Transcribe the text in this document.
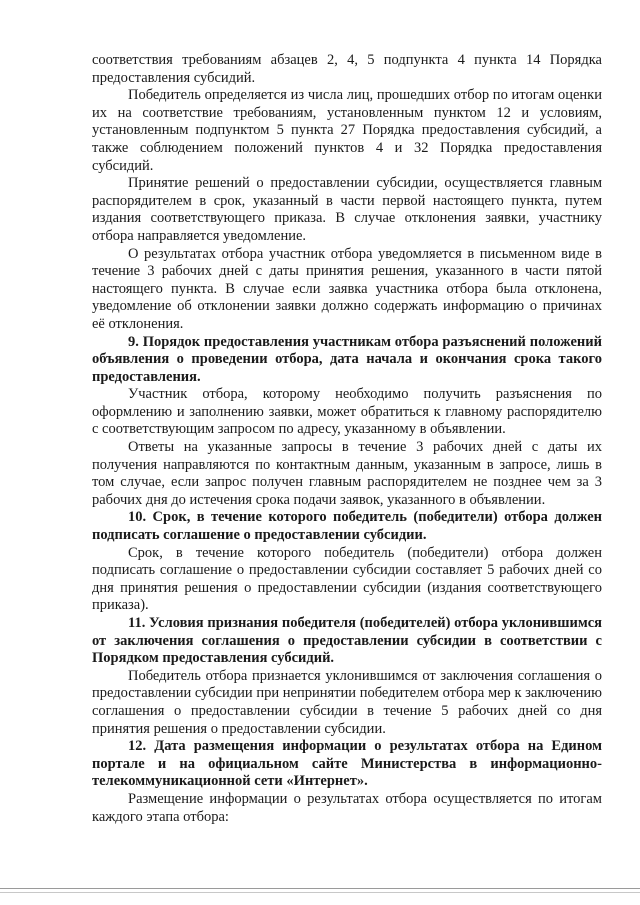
соответствия требованиям абзацев 2, 4, 5 подпункта 4 пункта 14 Порядка предоставления субсидий.

Победитель определяется из числа лиц, прошедших отбор по итогам оценки их на соответствие требованиям, установленным пунктом 12 и условиям, установленным подпунктом 5 пункта 27 Порядка предоставления субсидий, а также соблюдением положений пунктов 4 и 32 Порядка предоставления субсидий.

Принятие решений о предоставлении субсидии, осуществляется главным распорядителем в срок, указанный в части первой настоящего пункта, путем издания соответствующего приказа. В случае отклонения заявки, участнику отбора направляется уведомление.

О результатах отбора участник отбора уведомляется в письменном виде в течение 3 рабочих дней с даты принятия решения, указанного в части пятой настоящего пункта. В случае если заявка участника отбора была отклонена, уведомление об отклонении заявки должно содержать информацию о причинах её отклонения.

9. Порядок предоставления участникам отбора разъяснений положений объявления о проведении отбора, дата начала и окончания срока такого предоставления.

Участник отбора, которому необходимо получить разъяснения по оформлению и заполнению заявки, может обратиться к главному распорядителю с соответствующим запросом по адресу, указанному в объявлении.

Ответы на указанные запросы в течение 3 рабочих дней с даты их получения направляются по контактным данным, указанным в запросе, лишь в том случае, если запрос получен главным распорядителем не позднее чем за 3 рабочих дня до истечения срока подачи заявок, указанного в объявлении.

10. Срок, в течение которого победитель (победители) отбора должен подписать соглашение о предоставлении субсидии.

Срок, в течение которого победитель (победители) отбора должен подписать соглашение о предоставлении субсидии составляет 5 рабочих дней со дня принятия решения о предоставлении субсидии (издания соответствующего приказа).

11. Условия признания победителя (победителей) отбора уклонившимся от заключения соглашения о предоставлении субсидии в соответствии с Порядком предоставления субсидий.

Победитель отбора признается уклонившимся от заключения соглашения о предоставлении субсидии при непринятии победителем отбора мер к заключению соглашения о предоставлении субсидии в течение 5 рабочих дней со дня принятия решения о предоставлении субсидии.

12. Дата размещения информации о результатах отбора на Едином портале и на официальном сайте Министерства в информационно-телекоммуникационной сети «Интернет».

Размещение информации о результатах отбора осуществляется по итогам каждого этапа отбора:
